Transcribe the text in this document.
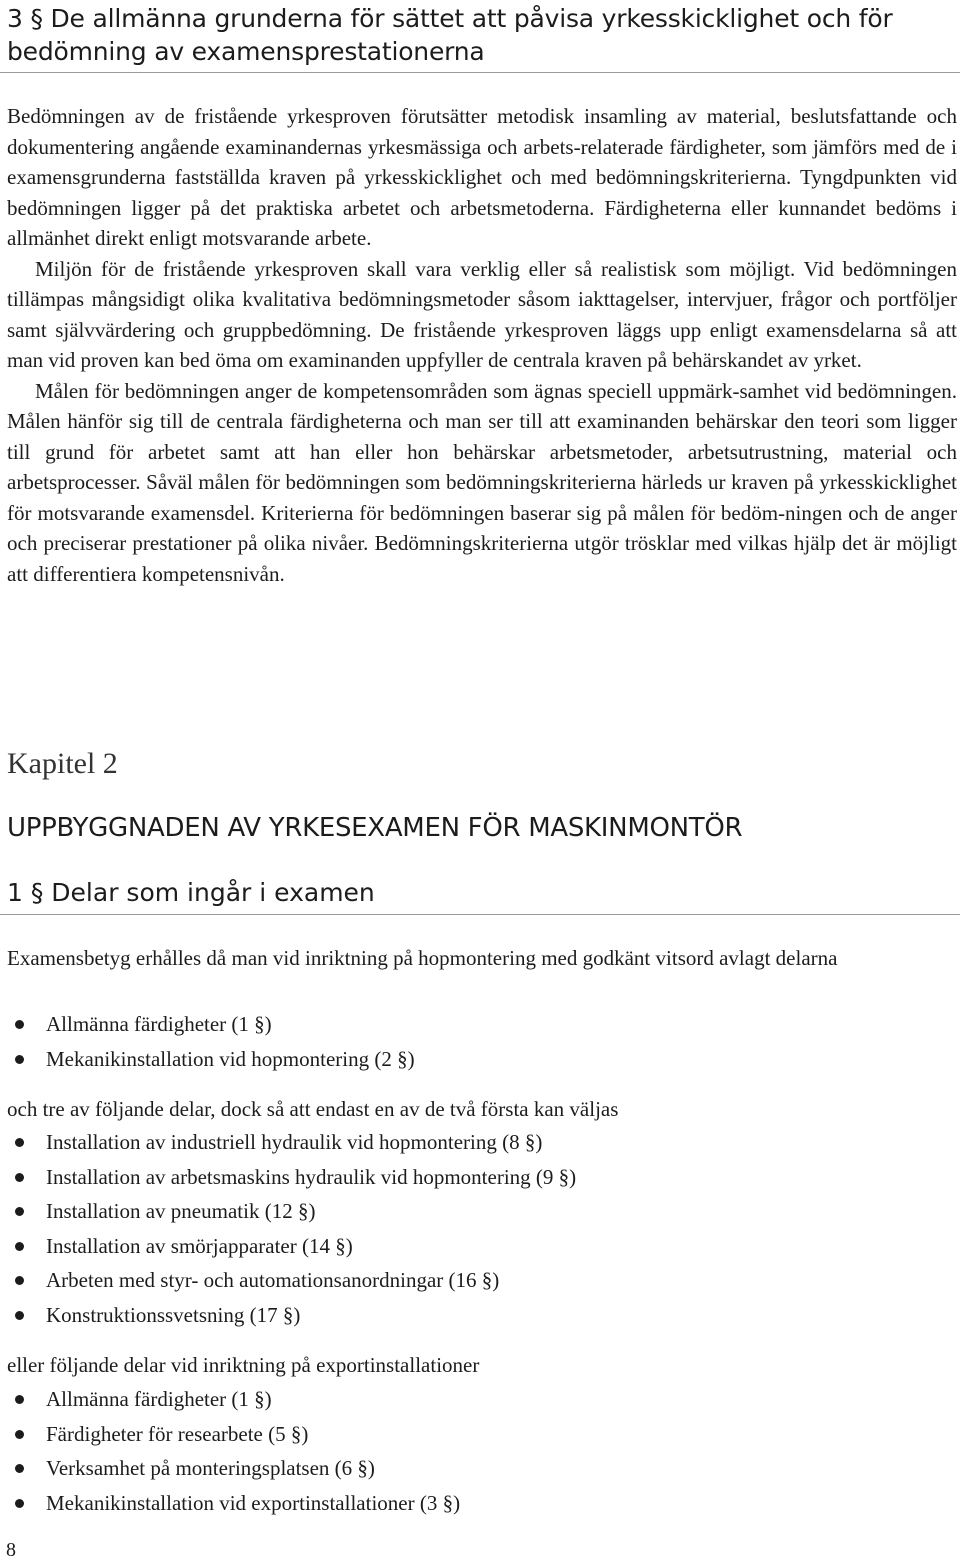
3 § De allmänna grunderna för sättet att påvisa yrkesskicklighet och för bedömning av examensprestationerna

Bedömningen av de fristående yrkesproven förutsätter metodisk insamling av material, beslutsfattande och dokumentering angående examinandernas yrkesmässiga och arbets-relaterade färdigheter, som jämförs med de i examensgrunderna fastställda kraven på yrkesskicklighet och med bedömningskriterierna. Tyngdpunkten vid bedömningen ligger på det praktiska arbetet och arbetsmetoderna. Färdigheterna eller kunnandet bedöms i allmänhet direkt enligt motsvarande arbete.

Miljön för de fristående yrkesproven skall vara verklig eller så realistisk som möjligt. Vid bedömningen tillämpas mångsidigt olika kvalitativa bedömningsmetoder såsom iakttagelser, intervjuer, frågor och portföljer samt självvärdering och gruppbedömning. De fristående yrkesproven läggs upp enligt examensdelarna så att man vid proven kan bed öma om examinanden uppfyller de centrala kraven på behärskandet av yrket.

Målen för bedömningen anger de kompetensområden som ägnas speciell uppmärk-samhet vid bedömningen. Målen hänför sig till de centrala färdigheterna och man ser till att examinanden behärskar den teori som ligger till grund för arbetet samt att han eller hon behärskar arbetsmetoder, arbetsutrustning, material och arbetsprocesser. Såväl målen för bedömningen som bedömningskriterierna härleds ur kraven på yrkesskicklighet för motsvarande examensdel. Kriterierna för bedömningen baserar sig på målen för bedöm-ningen och de anger och preciserar prestationer på olika nivåer. Bedömningskriterierna utgör trösklar med vilkas hjälp det är möjligt att differentiera kompetensnivån.

Kapitel 2
UPPBYGGNADEN AV YRKESEXAMEN FÖR MASKINMONTÖR
1 § Delar som ingår i examen

Examensbetyg erhålles då man vid inriktning på hopmontering med godkänt vitsord avlagt delarna

Allmänna färdigheter (1 §)
Mekanikinstallation vid hopmontering (2 §)

och tre av följande delar, dock så att endast en av de två första kan väljas

Installation av industriell hydraulik vid hopmontering (8 §)
Installation av arbetsmaskins hydraulik vid hopmontering (9 §)
Installation av pneumatik (12 §)
Installation av smörjapparater (14 §)
Arbeten med styr- och automationsanordningar (16 §)
Konstruktionssvetsning (17 §)

eller följande delar vid inriktning på exportinstallationer

Allmänna färdigheter (1 §)
Färdigheter för researbete (5 §)
Verksamhet på monteringsplatsen (6 §)
Mekanikinstallation vid exportinstallationer (3 §)
8
